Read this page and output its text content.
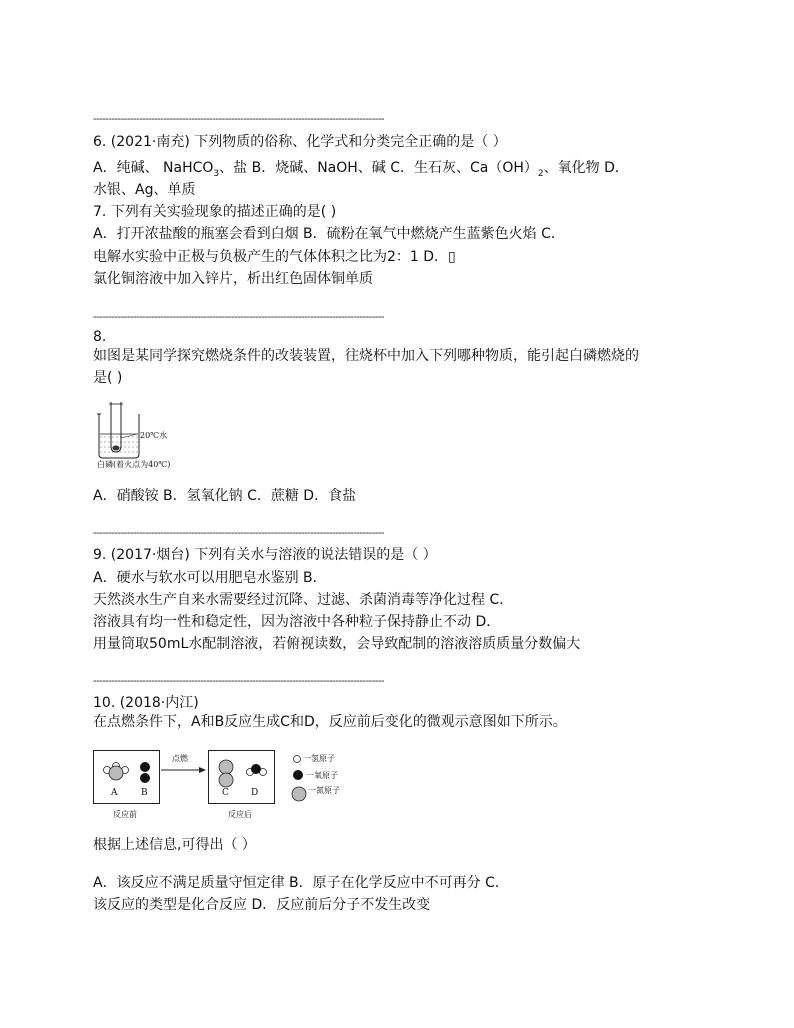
-----------------------------------------------------------------------------------------------
6. (2021·南充) 下列物质的俗称、化学式和分类完全正确的是（ ）
A．纯碱、 NaHCO$_3$、盐 B．烧碱、NaOH、碱 C．生石灰、$Ca(OH)_2$、氧化物 D．
水银、Ag、单质
7. 下列有关实验现象的描述正确的是( )
A．打开浓盐酸的瓶塞会看到白烟 B．硫粉在氧气中燃烧产生蓝紫色火焰 C．
电解水实验中正极与负极产生的气体体积之比为2：1 D．▯
氯化铜溶液中加入锌片，析出红色固体铜单质
-----------------------------------------------------------------------------------------------
8.
如图是某同学探究燃烧条件的改装装置，往烧杯中加入下列哪种物质，能引起白磷燃烧的
是( )
20℃水
白磷(着火点为40℃)
A．硝酸铵 B．氢氧化钠 C．蔗糖 D．食盐
-----------------------------------------------------------------------------------------------
9. (2017·烟台) 下列有关水与溶液的说法错误的是（ ）
A．硬水与软水可以用肥皂水鉴别 B．
天然淡水生产自来水需要经过沉降、过滤、杀菌消毒等净化过程 C．
溶液具有均一性和稳定性，因为溶液中各种粒子保持静止不动 D．
用量筒取50mL水配制溶液，若俯视读数，会导致配制的溶液溶质质量分数偏大
-----------------------------------------------------------------------------------------------
10. (2018·内江)
在点燃条件下，A和B反应生成C和D，反应前后变化的微观示意图如下所示。
点燃
A	B	C D
反应前	反应后
一氢原子
一氧原子
一氮原子
根据上述信息,可得出（ ）
A．该反应不满足质量守恒定律 B．原子在化学反应中不可再分 C．
该反应的类型是化合反应 D．反应前后分子不发生改变
